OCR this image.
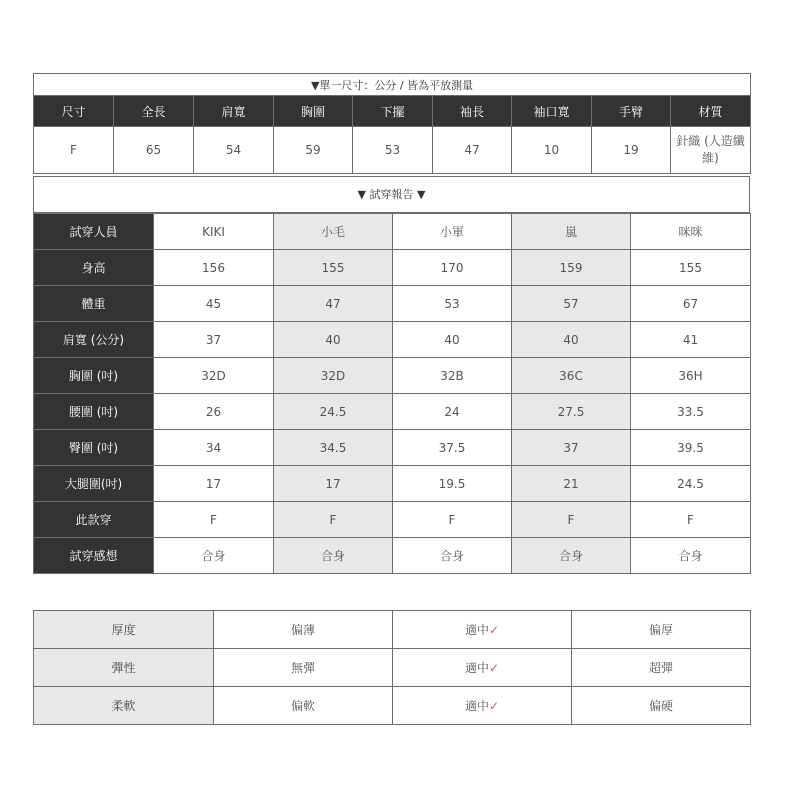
▼單一尺寸：公分 / 皆為平放測量								
尺寸	全長	肩寬	胸圍	下擺	袖長	袖口寬	手臂	材質
F	65	54	59	53	47	10	19	針織 (人造纖維)
▼ 試穿報告 ▼
試穿人員	KIKI	小毛	小軍	嵐	咪咪
身高	156	155	170	159	155
體重	45	47	53	57	67
肩寬 (公分)	37	40	40	40	41
胸圍 (吋)	32D	32D	32B	36C	36H
腰圍 (吋)	26	24.5	24	27.5	33.5
臀圍 (吋)	34	34.5	37.5	37	39.5
大腿圍(吋)	17	17	19.5	21	24.5
此款穿	F	F	F	F	F
試穿感想	合身	合身	合身	合身	合身
厚度	偏薄	適中✓	偏厚
彈性	無彈	適中✓	超彈
柔軟	偏軟	適中✓	偏硬
